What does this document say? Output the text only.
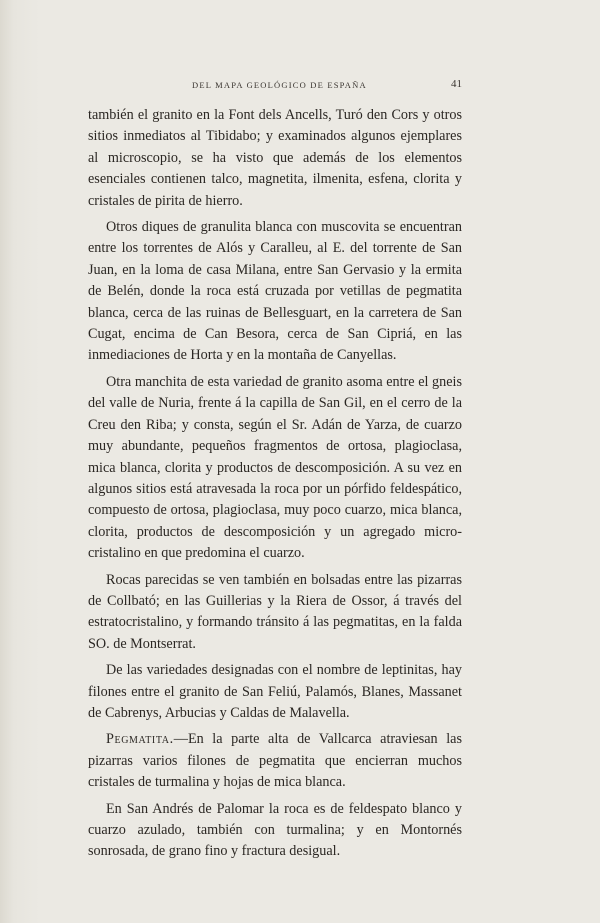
DEL MAPA GEOLÓGICO DE ESPAÑA	41

también el granito en la Font dels Ancells, Turó den Cors y otros sitios inmediatos al Tibidabo; y examinados algunos ejemplares al microscopio, se ha visto que además de los elementos esenciales contienen talco, magnetita, ilmenita, esfena, clorita y cristales de pirita de hierro.

Otros diques de granulita blanca con muscovita se encuentran entre los torrentes de Alós y Caralleu, al E. del torrente de San Juan, en la loma de casa Milana, entre San Gervasio y la ermita de Belén, donde la roca está cruzada por vetillas de pegmatita blanca, cerca de las ruinas de Bellesguart, en la carretera de San Cugat, encima de Can Besora, cerca de San Cipriá, en las inmediaciones de Horta y en la montaña de Canyellas.

Otra manchita de esta variedad de granito asoma entre el gneis del valle de Nuria, frente á la capilla de San Gil, en el cerro de la Creu den Riba; y consta, según el Sr. Adán de Yarza, de cuarzo muy abundante, pequeños fragmentos de ortosa, plagioclasa, mica blanca, clorita y productos de descomposición. A su vez en algunos sitios está atravesada la roca por un pórfido feldespático, compuesto de ortosa, plagioclasa, muy poco cuarzo, mica blanca, clorita, productos de descomposición y un agregado micro-cristalino en que predomina el cuarzo.

Rocas parecidas se ven también en bolsadas entre las pizarras de Collbató; en las Guillerias y la Riera de Ossor, á través del estratocristalino, y formando tránsito á las pegmatitas, en la falda SO. de Montserrat.

De las variedades designadas con el nombre de leptinitas, hay filones entre el granito de San Feliú, Palamós, Blanes, Massanet de Cabrenys, Arbucias y Caldas de Malavella.

Pegmatita.—En la parte alta de Vallcarca atraviesan las pizarras varios filones de pegmatita que encierran muchos cristales de turmalina y hojas de mica blanca.

En San Andrés de Palomar la roca es de feldespato blanco y cuarzo azulado, también con turmalina; y en Montornés sonrosada, de grano fino y fractura desigual.
